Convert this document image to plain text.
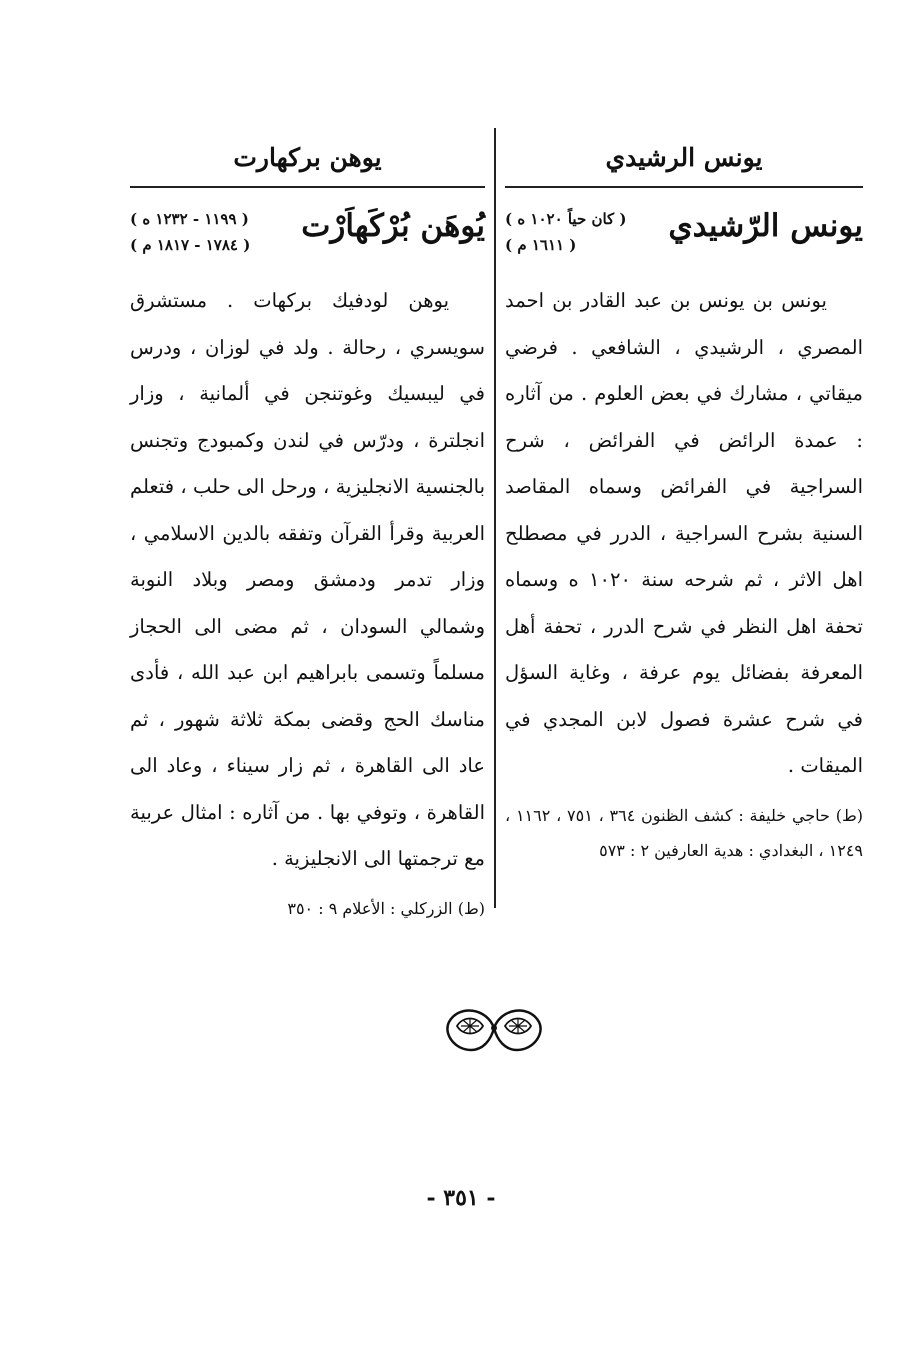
يونس الرشيدي
يونس الرّشيدي
( كان حياً ١٠٢٠ ه )
( ١٦١١ م )
يونس بن يونس بن عبد القادر بن احمد المصري ، الرشيدي ، الشافعي . فرضي ميقاتي ، مشارك في بعض العلوم . من آثاره : عمدة الرائض في الفرائض ، شرح السراجية في الفرائض وسماه المقاصد السنية بشرح السراجية ، الدرر في مصطلح اهل الاثر ، ثم شرحه سنة ١٠٢٠ ه وسماه تحفة اهل النظر في شرح الدرر ، تحفة أهل المعرفة بفضائل يوم عرفة ، وغاية السؤل في شرح عشرة فصول لابن المجدي في الميقات .
(ط) حاجي خليفة : كشف الظنون ٣٦٤ ، ٧٥١ ، ١١٦٢ ، ١٢٤٩ ، البغدادي : هدية العارفين ٢ : ٥٧٣
يوهن بركهارت
يُوهَن بُرْكَهاَرْت
( ١١٩٩ - ١٢٣٢ ه )
( ١٧٨٤ - ١٨١٧ م )
يوهن لودفيك بركهات . مستشرق سويسري ، رحالة . ولد في لوزان ، ودرس في ليبسيك وغوتنجن في ألمانية ، وزار انجلترة ، ودرّس في لندن وكمبودج وتجنس بالجنسية الانجليزية ، ورحل الى حلب ، فتعلم العربية وقرأ القرآن وتفقه بالدين الاسلامي ، وزار تدمر ودمشق ومصر وبلاد النوبة وشمالي السودان ، ثم مضى الى الحجاز مسلماً وتسمى بابراهيم ابن عبد الله ، فأدى مناسك الحج وقضى بمكة ثلاثة شهور ، ثم عاد الى القاهرة ، ثم زار سيناء ، وعاد الى القاهرة ، وتوفي بها . من آثاره : امثال عربية مع ترجمتها الى الانجليزية .
(ط) الزركلي : الأعلام ٩ : ٣٥٠
- ٣٥١ -
